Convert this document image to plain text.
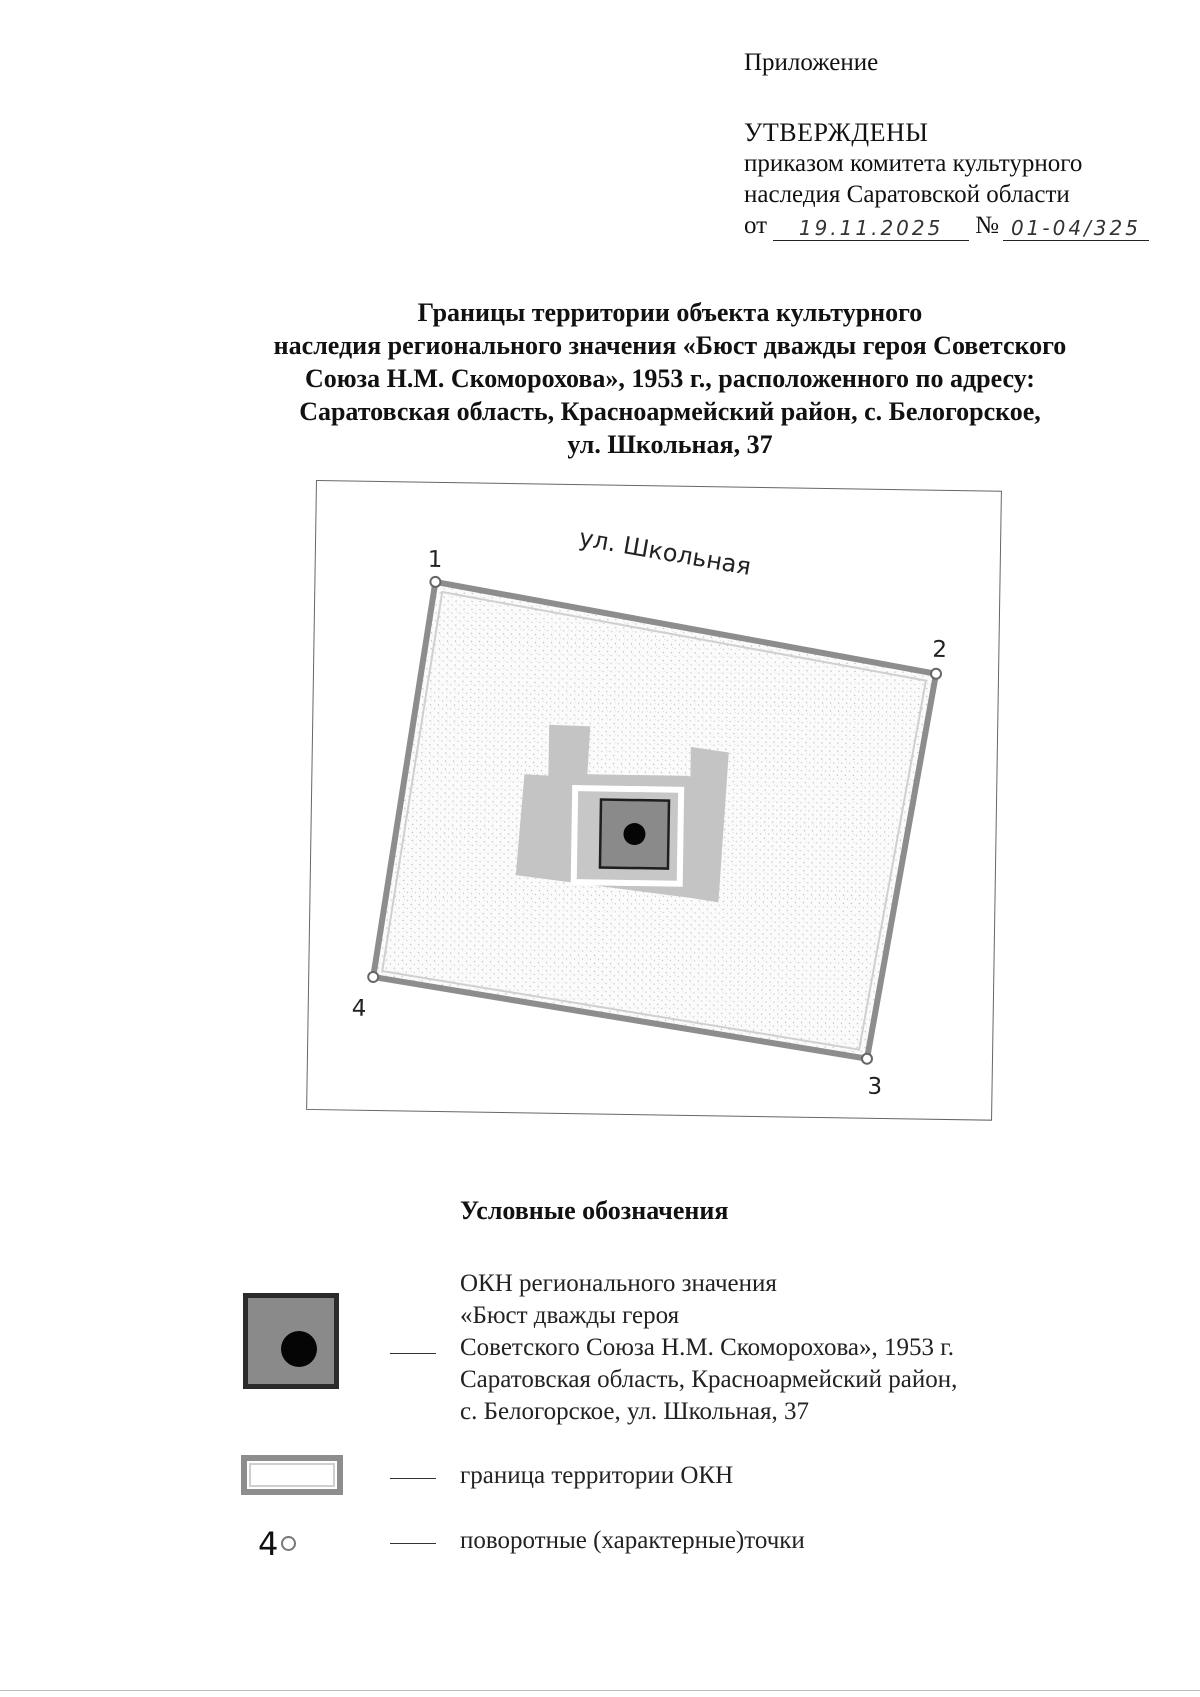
Приложение

УТВЕРЖДЕНЫ

приказом комитета культурного

наследия Саратовской области

от	19.11.2025	№ 01-04/325
Границы территории объекта культурного
наследия регионального значения «Бюст дважды героя Советского
Союза Н.М. Скоморохова», 1953 г., расположенного по адресу:
Саратовская область, Красноармейский район, с. Белогорское,
ул. Школьная, 37
ул. Школьная
1
2
3
4
Условные обозначения
ОКН регионального значения
«Бюст дважды героя
Советского Союза Н.М. Скоморохова», 1953 г.
Саратовская область, Красноармейский район,
с. Белогорское, ул. Школьная, 37
граница территории ОКН
4	поворотные (характерные)точки
